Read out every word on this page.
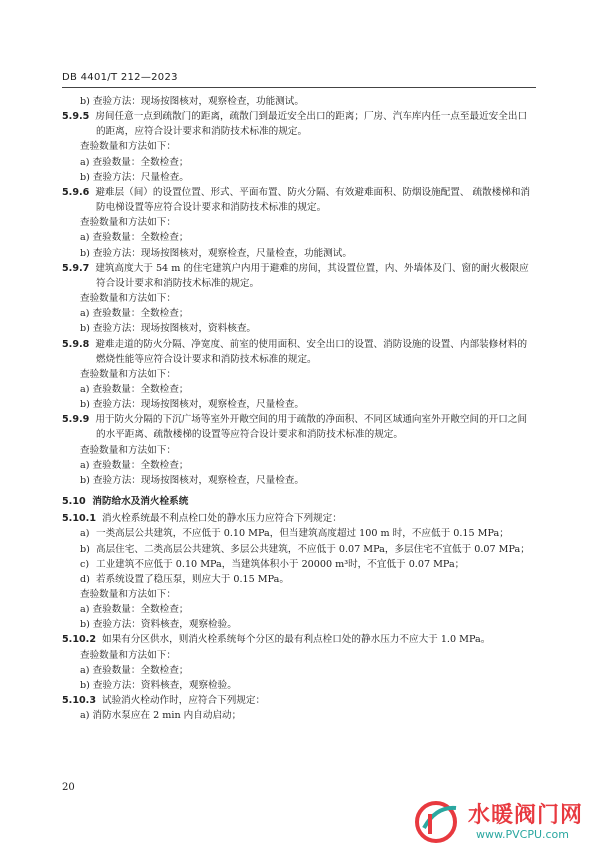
DB 4401/T 212—2023

b) 查验方法：现场按图核对，观察检查，功能测试。

5.9.5 房间任意一点到疏散门的距离，疏散门到最近安全出口的距离；厂房、汽车库内任一点至最近安全出口的距离，应符合设计要求和消防技术标准的规定。

查验数量和方法如下：

a) 查验数量：全数检查；

b) 查验方法：尺量检查。

5.9.6 避难层（间）的设置位置、形式、平面布置、防火分隔、有效避难面积、防烟设施配置、 疏散楼梯和消防电梯设置等应符合设计要求和消防技术标准的规定。

查验数量和方法如下：

a) 查验数量：全数检查；

b) 查验方法：现场按图核对，观察检查，尺量检查，功能测试。

5.9.7 建筑高度大于 54 m 的住宅建筑户内用于避难的房间，其设置位置，内、外墙体及门、窗的耐火极限应符合设计要求和消防技术标准的规定。

查验数量和方法如下：

a) 查验数量：全数检查；

b) 查验方法：现场按图核对，资料核查。

5.9.8 避难走道的防火分隔、净宽度、前室的使用面积、安全出口的设置、消防设施的设置、内部装修材料的燃烧性能等应符合设计要求和消防技术标准的规定。

查验数量和方法如下：

a) 查验数量：全数检查；

b) 查验方法：现场按图核对，观察检查，尺量检查。

5.9.9 用于防火分隔的下沉广场等室外开敞空间的用于疏散的净面积、不同区域通向室外开敞空间的开口之间的水平距离、疏散楼梯的设置等应符合设计要求和消防技术标准的规定。

查验数量和方法如下：

a) 查验数量：全数检查；

b) 查验方法：现场按图核对，观察检查，尺量检查。

5.10 消防给水及消火栓系统

5.10.1 消火栓系统最不利点栓口处的静水压力应符合下列规定：

a) 一类高层公共建筑，不应低于 0.10 MPa，但当建筑高度超过 100 m 时，不应低于 0.15 MPa；

b) 高层住宅、二类高层公共建筑、多层公共建筑，不应低于 0.07 MPa，多层住宅不宜低于 0.07 MPa；

c) 工业建筑不应低于 0.10 MPa，当建筑体积小于 20000 m³时，不宜低于 0.07 MPa；

d) 若系统设置了稳压泵，则应大于 0.15 MPa。

查验数量和方法如下：

a) 查验数量：全数检查；

b) 查验方法：资料核查，观察检验。

5.10.2 如果有分区供水，则消火栓系统每个分区的最有利点栓口处的静水压力不应大于 1.0 MPa。

查验数量和方法如下：

a) 查验数量：全数检查；

b) 查验方法：资料核查，观察检验。

5.10.3 试验消火栓动作时，应符合下列规定：

a) 消防水泵应在 2 min 内自动启动；

20
水暖阀门网
www.PVCPU.com
